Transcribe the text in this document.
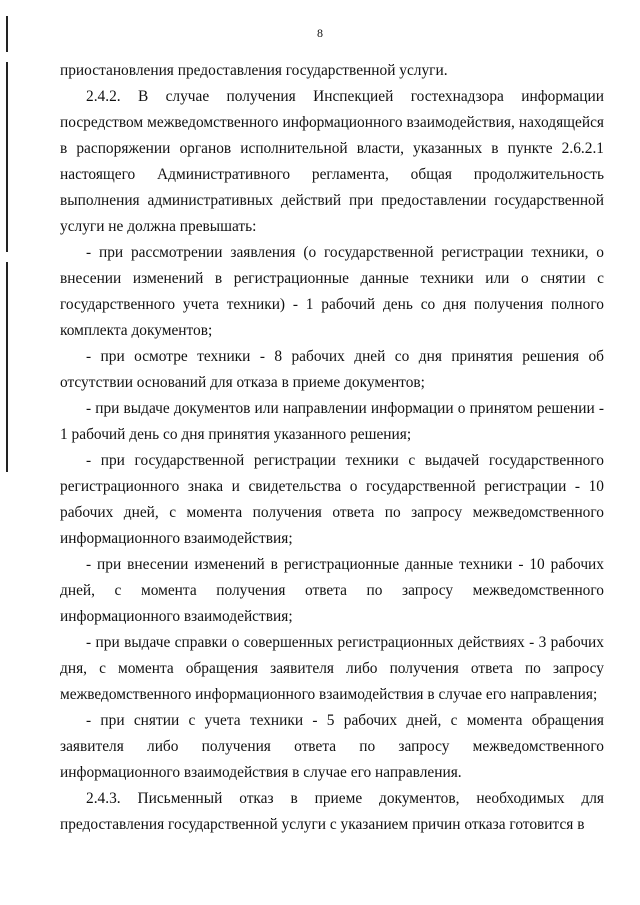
8

приостановления предоставления государственной услуги.

2.4.2. В случае получения Инспекцией гостехнадзора информации посредством межведомственного информационного взаимодействия, находящейся в распоряжении органов исполнительной власти, указанных в пункте 2.6.2.1 настоящего Административного регламента, общая продолжительность выполнения административных действий при предоставлении государственной услуги не должна превышать:

- при рассмотрении заявления (о государственной регистрации техники, о внесении изменений в регистрационные данные техники или о снятии с государственного учета техники) - 1 рабочий день со дня получения полного комплекта документов;

- при осмотре техники - 8 рабочих дней со дня принятия решения об отсутствии оснований для отказа в приеме документов;

- при выдаче документов или направлении информации о принятом решении - 1 рабочий день со дня принятия указанного решения;

- при государственной регистрации техники с выдачей государственного регистрационного знака и свидетельства о государственной регистрации - 10 рабочих дней, с момента получения ответа по запросу межведомственного информационного взаимодействия;

- при внесении изменений в регистрационные данные техники - 10 рабочих дней, с момента получения ответа по запросу межведомственного информационного взаимодействия;

- при выдаче справки о совершенных регистрационных действиях - 3 рабочих дня, с момента обращения заявителя либо получения ответа по запросу межведомственного информационного взаимодействия в случае его направления;

- при снятии с учета техники - 5 рабочих дней, с момента обращения заявителя либо получения ответа по запросу межведомственного информационного взаимодействия в случае его направления.

2.4.3. Письменный отказ в приеме документов, необходимых для предоставления государственной услуги с указанием причин отказа готовится в
